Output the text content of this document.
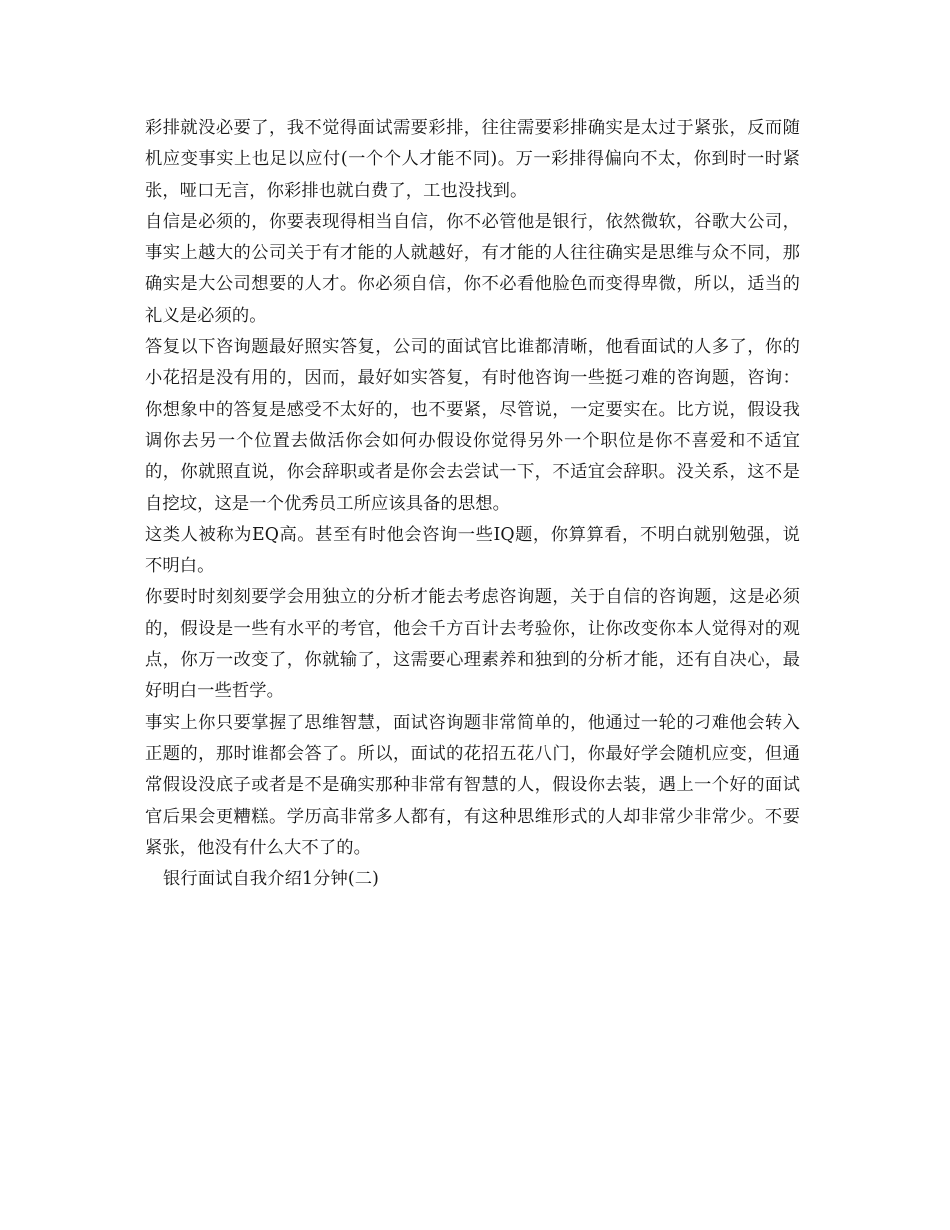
彩排就没必要了，我不觉得面试需要彩排，往往需要彩排确实是太过于紧张，反而随机应变事实上也足以应付(一个个人才能不同)。万一彩排得偏向不太，你到时一时紧张，哑口无言，你彩排也就白费了，工也没找到。

自信是必须的，你要表现得相当自信，你不必管他是银行，依然微软，谷歌大公司，事实上越大的公司关于有才能的人就越好，有才能的人往往确实是思维与众不同，那确实是大公司想要的人才。你必须自信，你不必看他脸色而变得卑微，所以，适当的礼义是必须的。

答复以下咨询题最好照实答复，公司的面试官比谁都清晰，他看面试的人多了，你的小花招是没有用的，因而，最好如实答复，有时他咨询一些挺刁难的咨询题，咨询：你想象中的答复是感受不太好的，也不要紧，尽管说，一定要实在。比方说，假设我调你去另一个位置去做活你会如何办假设你觉得另外一个职位是你不喜爱和不适宜的，你就照直说，你会辞职或者是你会去尝试一下，不适宜会辞职。没关系，这不是自挖坟，这是一个优秀员工所应该具备的思想。

这类人被称为EQ高。甚至有时他会咨询一些IQ题，你算算看，不明白就别勉强，说不明白。

你要时时刻刻要学会用独立的分析才能去考虑咨询题，关于自信的咨询题，这是必须的，假设是一些有水平的考官，他会千方百计去考验你，让你改变你本人觉得对的观点，你万一改变了，你就输了，这需要心理素养和独到的分析才能，还有自决心，最好明白一些哲学。

事实上你只要掌握了思维智慧，面试咨询题非常简单的，他通过一轮的刁难他会转入正题的，那时谁都会答了。所以，面试的花招五花八门，你最好学会随机应变，但通常假设没底子或者是不是确实那种非常有智慧的人，假设你去装，遇上一个好的面试官后果会更糟糕。学历高非常多人都有，有这种思维形式的人却非常少非常少。不要紧张，他没有什么大不了的。

银行面试自我介绍1分钟(二)
